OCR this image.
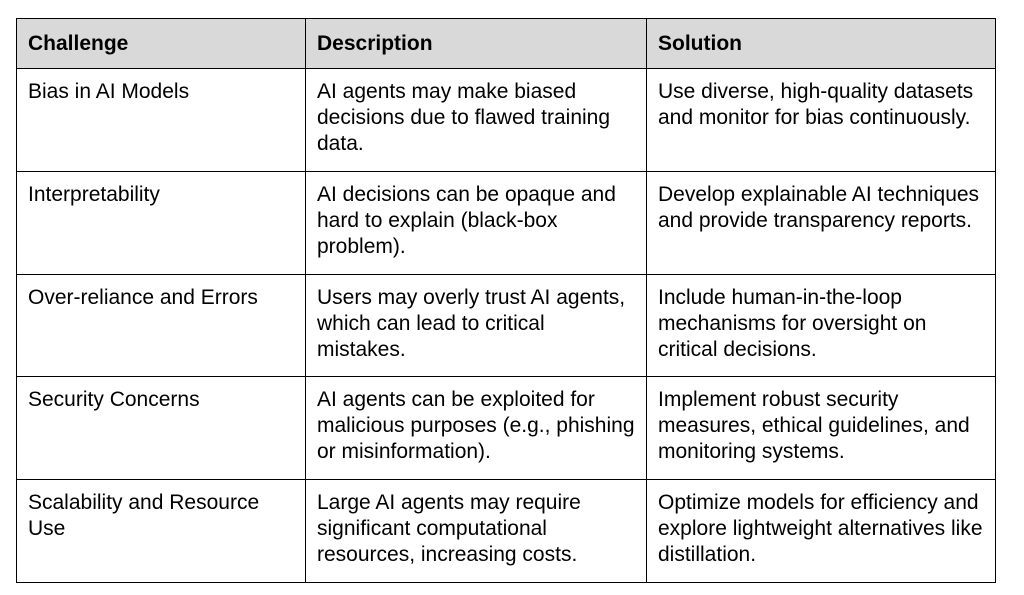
Challenge	Description	Solution
Bias in AI Models	AI agents may make biased decisions due to flawed training data.	Use diverse, high-quality datasets and monitor for bias continuously.
Interpretability	AI decisions can be opaque and hard to explain (black-box problem).	Develop explainable AI techniques and provide transparency reports.
Over-reliance and Errors	Users may overly trust AI agents, which can lead to critical mistakes.	Include human-in-the-loop mechanisms for oversight on critical decisions.
Security Concerns	AI agents can be exploited for malicious purposes (e.g., phishing or misinformation).	Implement robust security measures, ethical guidelines, and monitoring systems.
Scalability and Resource Use	Large AI agents may require significant computational resources, increasing costs.	Optimize models for efficiency and explore lightweight alternatives like distillation.
